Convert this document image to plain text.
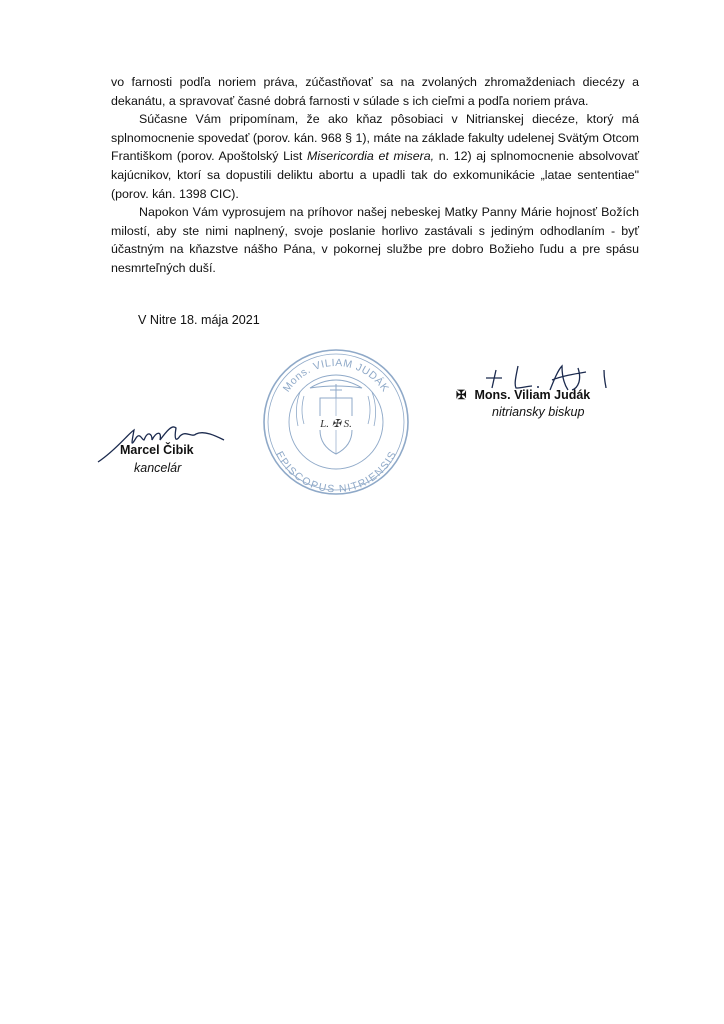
vo farnosti podľa noriem práva, zúčastňovať sa na zvolaných zhromaždeniach diecézy a dekanátu, a spravovať časné dobrá farnosti v súlade s ich cieľmi a podľa noriem práva.

Súčasne Vám pripomínam, že ako kňaz pôsobiaci v Nitrianskej diecéze, ktorý má splnomocnenie spovedať (porov. kán. 968 § 1), máte na základe fakulty udelenej Svätým Otcom Františkom (porov. Apoštolský List Misericordia et misera, n. 12) aj splnomocnenie absolvovať kajúcnikov, ktorí sa dopustili deliktu abortu a upadli tak do exkomunikácie „latae sententiae" (porov. kán. 1398 CIC).

Napokon Vám vyprosujem na príhovor našej nebeskej Matky Panny Márie hojnosť Božích milostí, aby ste nimi naplnený, svoje poslanie horlivo zastávali s jediným odhodlaním - byť účastným na kňazstve nášho Pána, v pokornej službe pre dobro Božieho ľudu a pre spásu nesmrteľných duší.

V Nitre 18. mája 2021
Mons. VILIAM JUDÁK
EPISCOPUS NITRIENSIS
L. ✠ S.
Marcel Čibik
kancelár
✠ Mons. Viliam Judák
nitriansky biskup
